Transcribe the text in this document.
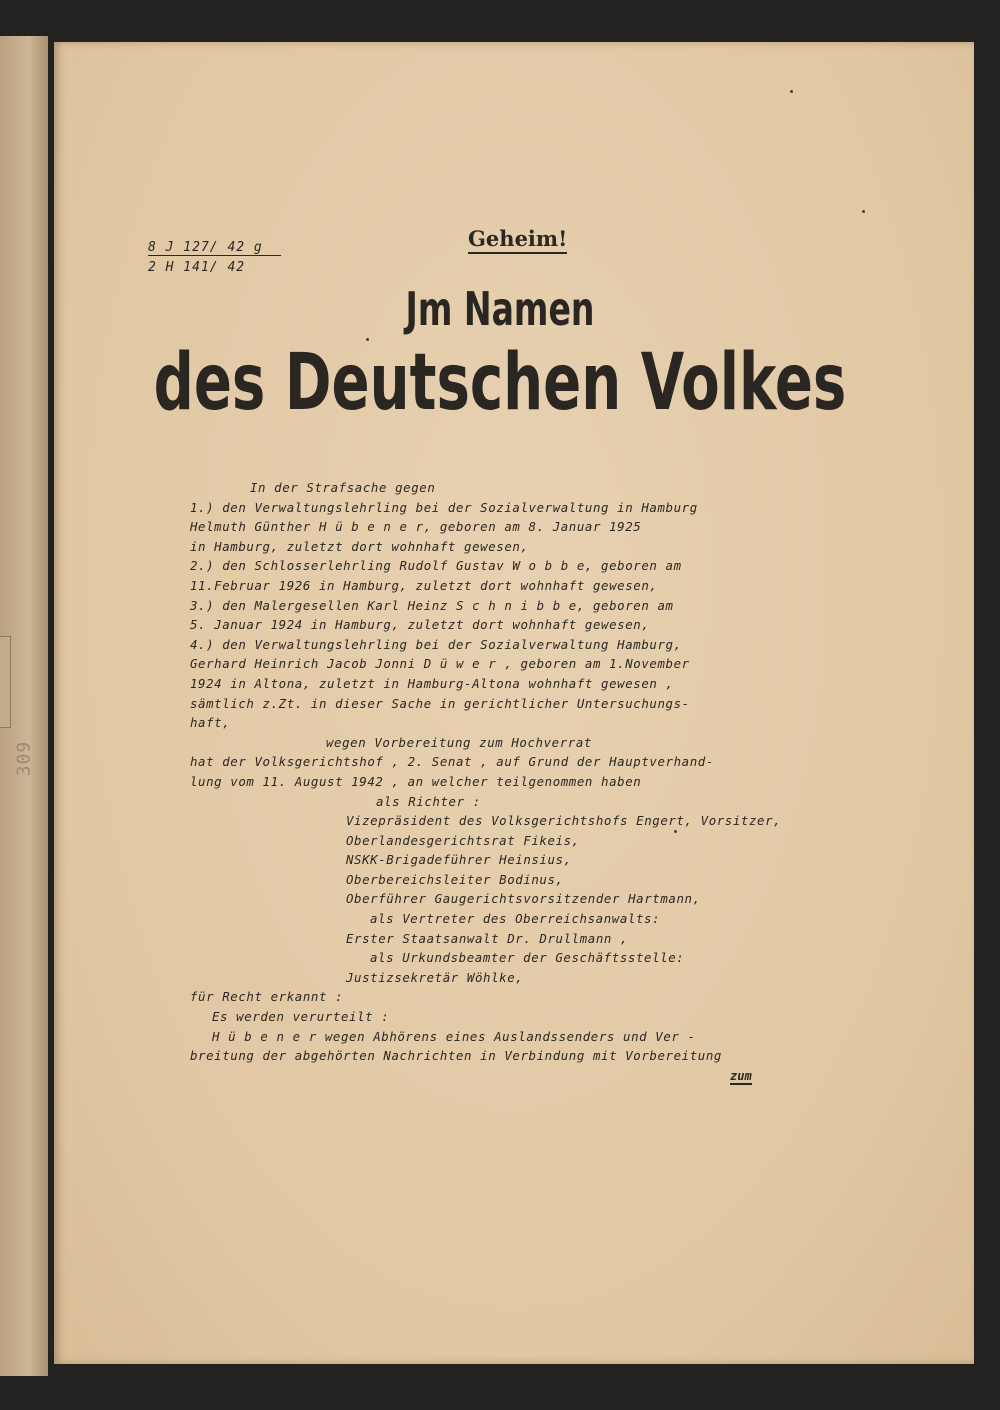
309
8 J 127/ 42 g
2 H 141/ 42
Geheim!
Jm Namen
des Deutschen Volkes
In der Strafsache gegen
1.) den Verwaltungslehrling bei der Sozialverwaltung in Hamburg
Helmuth Günther H ü b e n e r, geboren am 8. Januar 1925
in Hamburg, zuletzt dort wohnhaft gewesen,
2.) den Schlosserlehrling Rudolf Gustav W o b b e, geboren am
11.Februar 1926 in Hamburg, zuletzt dort wohnhaft gewesen,
3.) den Malergesellen Karl Heinz S c h n i b b e, geboren am
5. Januar 1924 in Hamburg, zuletzt dort wohnhaft gewesen,
4.) den Verwaltungslehrling bei der Sozialverwaltung Hamburg,
Gerhard Heinrich Jacob Jonni D ü w e r , geboren am 1.November
1924 in Altona, zuletzt in Hamburg-Altona wohnhaft gewesen ,
sämtlich z.Zt. in dieser Sache in gerichtlicher Untersuchungs-
haft,
wegen Vorbereitung zum Hochverrat
hat der Volksgerichtshof , 2. Senat , auf Grund der Hauptverhand-
lung vom 11. August 1942 , an welcher teilgenommen haben
als Richter :
Vizepräsident des Volksgerichtshofs Engert, Vorsitzer,
Oberlandesgerichtsrat Fikeis,
NSKK-Brigadeführer Heinsius,
Oberbereichsleiter Bodinus,
Oberführer Gaugerichtsvorsitzender Hartmann,
als Vertreter des Oberreichsanwalts:
Erster Staatsanwalt Dr. Drullmann ,
als Urkundsbeamter der Geschäftsstelle:
Justizsekretär Wöhlke,
für Recht erkannt :
Es werden verurteilt :
H ü b e n e r wegen Abhörens eines Auslandssenders und Ver -
breitung der abgehörten Nachrichten in Verbindung mit Vorbereitung
zum
